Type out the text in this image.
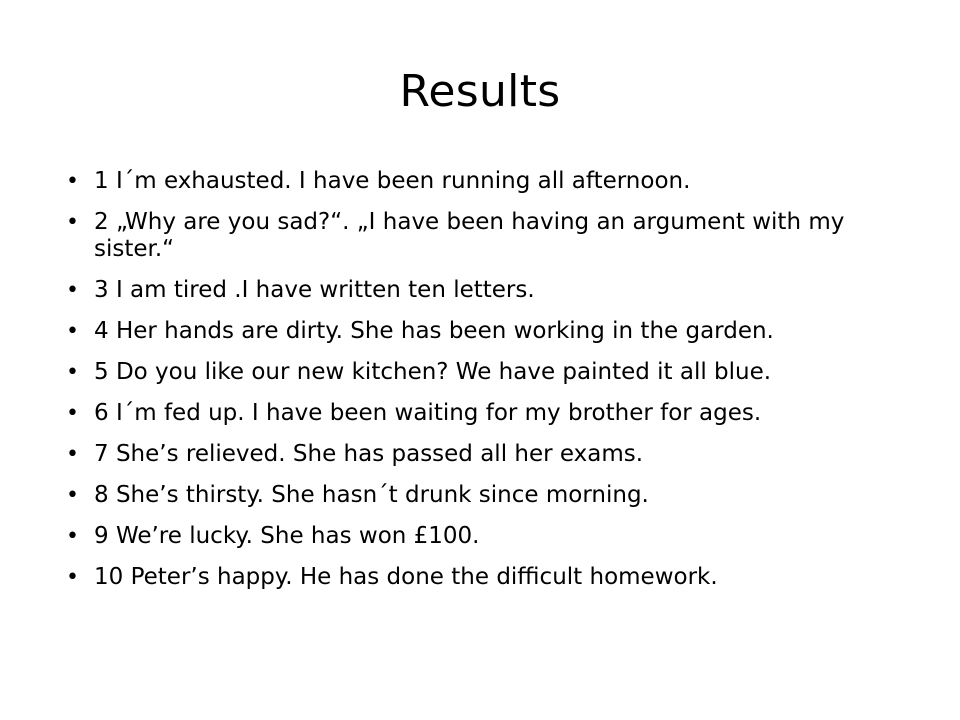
Results
• 1 I´m exhausted. I have been running all afternoon.
• 2 „Why are you sad?“. „I have been having an argument with my sister.“
• 3 I am tired .I have written ten letters.
• 4 Her hands are dirty. She has been working in the garden.
• 5 Do you like our new kitchen? We have painted it all blue.
• 6 I´m fed up. I have been waiting for my brother for ages.
• 7 She’s relieved. She has passed all her exams.
• 8 She’s thirsty. She hasn´t drunk since morning.
• 9 We’re lucky. She has won £100.
• 10 Peter’s happy. He has done the difficult homework.
